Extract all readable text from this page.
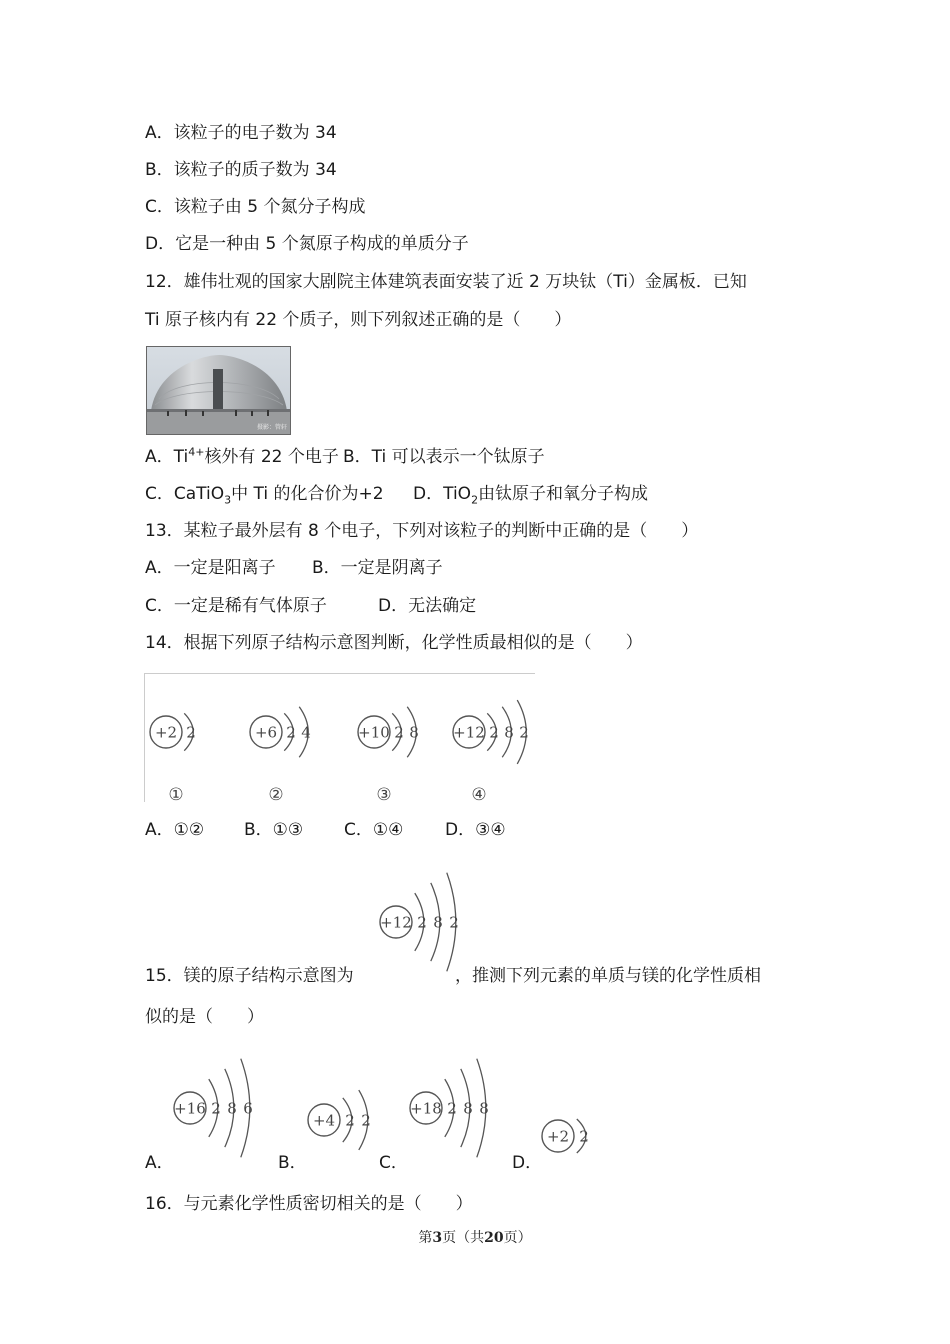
A．该粒子的电子数为 34
B．该粒子的质子数为 34
C．该粒子由 5 个氮分子构成
D．它是一种由 5 个氮原子构成的单质分子
12．雄伟壮观的国家大剧院主体建筑表面安装了近 2 万块钛（Ti）金属板．已知
Ti 原子核内有 22 个质子，则下列叙述正确的是（　　）
摄影：管轩
A．$Ti^{4+}$核外有 22 个电子 B．Ti 可以表示一个钛原子
C．CaTiO$_3$中 Ti 的化合价为+2 D．TiO$_2$由钛原子和氧分子构成
13．某粒子最外层有 8 个电子，下列对该粒子的判断中正确的是（　　）
A．一定是阳离子 B．一定是阴离子
C．一定是稀有气体原子	D．无法确定
14．根据下列原子结构示意图判断，化学性质最相似的是（　　）
+2 2
①
+6 2 4
②
+10 2 8
③
+12 2 8 2
④
A．①② B．①③ C．①④ D．③④
+12 2 8 2
15．镁的原子结构示意图为	，推测下列元素的单质与镁的化学性质相
似的是（　　）
A．	B．	C．	D．
+16 2 8 6
+4 2 2
+18 2 8 8
+2 2
16．与元素化学性质密切相关的是（　　）
第3页（共20页）
